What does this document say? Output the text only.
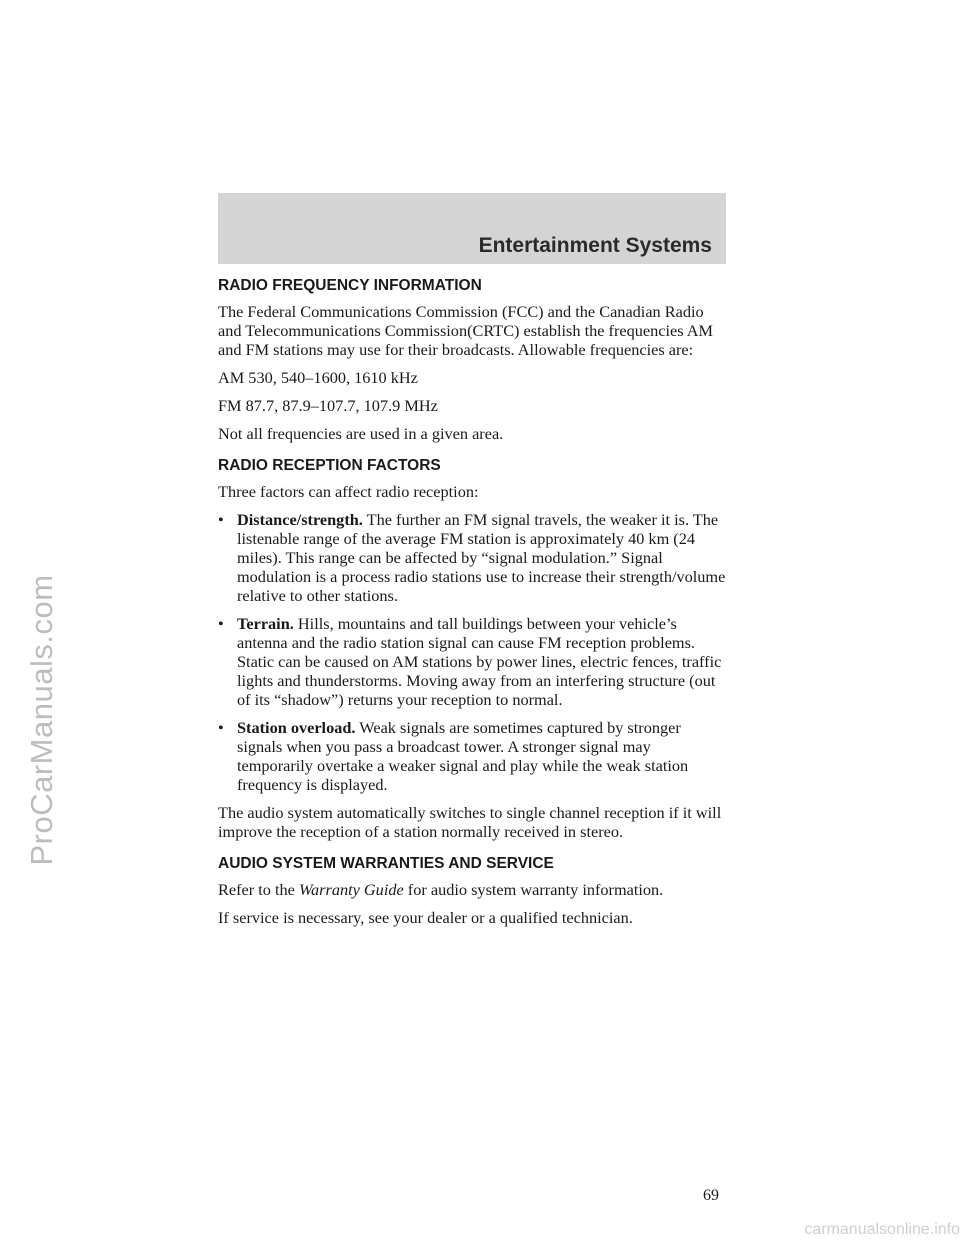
ProCarManuals.com
Entertainment Systems
RADIO FREQUENCY INFORMATION

The Federal Communications Commission (FCC) and the Canadian Radio and Telecommunications Commission(CRTC) establish the frequencies AM and FM stations may use for their broadcasts. Allowable frequencies are:

AM 530, 540–1600, 1610 kHz

FM 87.7, 87.9–107.7, 107.9 MHz

Not all frequencies are used in a given area.

RADIO RECEPTION FACTORS

Three factors can affect radio reception:

• Distance/strength. The further an FM signal travels, the weaker it is. The listenable range of the average FM station is approximately 40 km (24 miles). This range can be affected by “signal modulation.” Signal modulation is a process radio stations use to increase their strength/volume relative to other stations.
• Terrain. Hills, mountains and tall buildings between your vehicle’s antenna and the radio station signal can cause FM reception problems. Static can be caused on AM stations by power lines, electric fences, traffic lights and thunderstorms. Moving away from an interfering structure (out of its “shadow”) returns your reception to normal.
• Station overload. Weak signals are sometimes captured by stronger signals when you pass a broadcast tower. A stronger signal may temporarily overtake a weaker signal and play while the weak station frequency is displayed.

The audio system automatically switches to single channel reception if it will improve the reception of a station normally received in stereo.

AUDIO SYSTEM WARRANTIES AND SERVICE

Refer to the Warranty Guide for audio system warranty information.

If service is necessary, see your dealer or a qualified technician.

69
carmanualsonline.info
